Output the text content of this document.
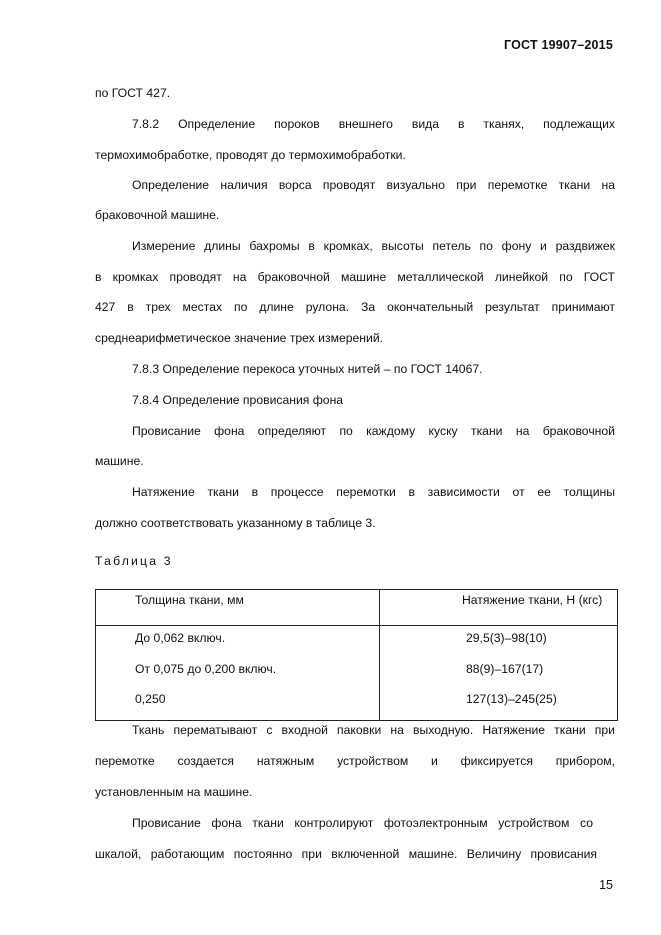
ГОСТ 19907–2015
по ГОСТ 427.
7.8.2 Определение пороков внешнего вида в тканях, подлежащих
термохимобработке, проводят до термохимобработки.
Определение наличия ворса проводят визуально при перемотке ткани на
браковочной машине.
Измерение длины бахромы в кромках, высоты петель по фону и раздвижек
в кромках проводят на браковочной машине металлической линейкой по ГОСТ
427 в трех местах по длине рулона. За окончательный результат принимают
среднеарифметическое значение трех измерений.
7.8.3 Определение перекоса уточных нитей – по ГОСТ 14067.
7.8.4 Определение провисания фона
Провисание фона определяют по каждому куску ткани на браковочной
машине.
Натяжение ткани в процессе перемотки в зависимости от ее толщины
должно соответствовать указанному в таблице 3.
Таблица 3
Толщина ткани, мм	Натяжение ткани, Н (кгс)
До 0,062 включ.	29,5(3)–98(10)
От 0,075 до 0,200 включ.	88(9)–167(17)
0,250	127(13)–245(25)
Ткань перематывают с входной паковки на выходную. Натяжение ткани при
перемотке создается натяжным устройством и фиксируется прибором,
установленным на машине.
Провисание фона ткани контролируют фотоэлектронным устройством со
шкалой, работающим постоянно при включенной машине. Величину провисания
15
